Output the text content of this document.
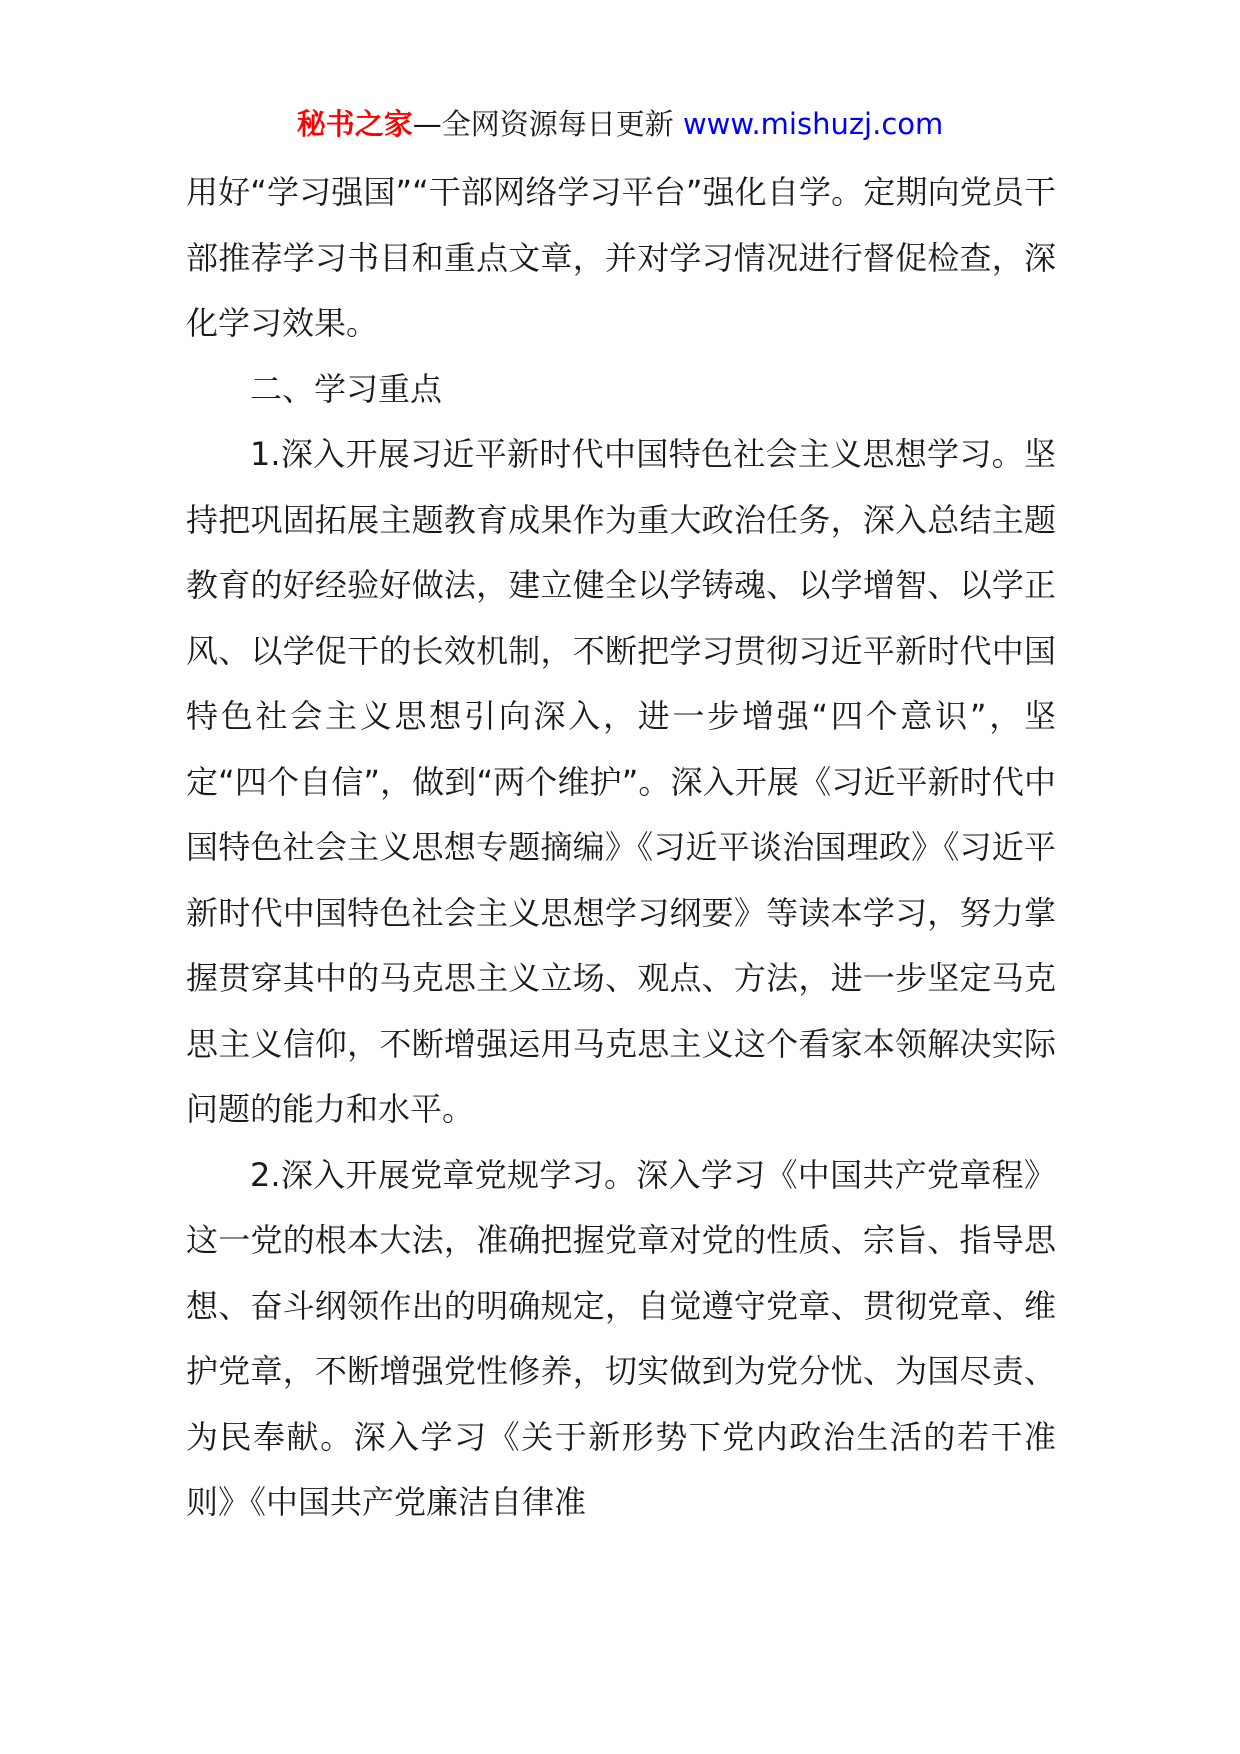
秘书之家—全网资源每日更新 www.mishuzj.com

用好“学习强国”“干部网络学习平台”强化自学。定期向党员干部推荐学习书目和重点文章，并对学习情况进行督促检查，深化学习效果。

二、学习重点

1.深入开展习近平新时代中国特色社会主义思想学习。坚持把巩固拓展主题教育成果作为重大政治任务，深入总结主题教育的好经验好做法，建立健全以学铸魂、以学增智、以学正风、以学促干的长效机制，不断把学习贯彻习近平新时代中国特色社会主义思想引向深入，进一步增强“四个意识”，坚定“四个自信”，做到“两个维护”。深入开展《习近平新时代中国特色社会主义思想专题摘编》《习近平谈治国理政》《习近平新时代中国特色社会主义思想学习纲要》等读本学习，努力掌握贯穿其中的马克思主义立场、观点、方法，进一步坚定马克思主义信仰，不断增强运用马克思主义这个看家本领解决实际问题的能力和水平。

2.深入开展党章党规学习。深入学习《中国共产党章程》这一党的根本大法，准确把握党章对党的性质、宗旨、指导思想、奋斗纲领作出的明确规定，自觉遵守党章、贯彻党章、维护党章，不断增强党性修养，切实做到为党分忧、为国尽责、为民奉献。深入学习《关于新形势下党内政治生活的若干准则》《中国共产党廉洁自律准
